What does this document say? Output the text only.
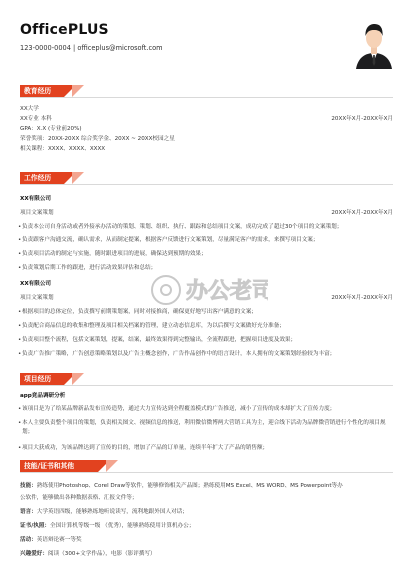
OfficePLUS
123-0000-0004 | officeplus@microsoft.com
教育经历
XX大学
XX专业 本科	20XX年X月-20XX年X月
GPA：X.X (专业前20%)
荣誉奖项：20XX-20XX 综合奖学金、20XX ~ 20XX校园之星
相关课程：XXXX、XXXX、XXXX
工作经历
XX有限公司
项目文案策划	20XX年X月-20XX年X月
• 负责本公司自身活动或者外接承办活动的策划、策划、组织、执行、跟踪和总结项目文案，成功完成了超过30个项目的文案策划；
• 负责跟客户沟通交流，确认需求，从而制定提案，根据客户反馈进行文案策划，尽量满足客户的需求，来撰写项目文案；
• 负责项目活动的制定与实施，随时跟进项目的进展，确保达到预期的效果；
• 负责策划后期工作的跟进，进行活动效果评估和总结；
XX有限公司
项目文案策划	20XX年X月-20XX年X月
• 根据项目的总体定位，负责撰写前期策划案，同时对接推商，确保更好地写出客户满意的文案；
• 负责配合商品信息的收集和整理及项目相关档案的管理，建立动态信息库，为以后撰写文案做好充分准备；
• 负责项目整个流程，包括文案策划，提案，结案，最终效果得到完整输出，全流程跟进，把握项目进度及效果；
• 负责广告推广策略，广告创意策略策划以及广告主概念创作，广告作品创作中的语言设计，本人拥有的文案策划经验较为丰富；
项目经历
app竞品调研分析
• 该项目是为了给某品牌新品发布宣传造势，通过大力宣传达到全程覆盖模式的广告推送，减小了宣传的成本却扩大了宣传力度；
• 本人主要负责整个项目的策划，负责相关图文、视频信息的推送，利用微信微博两大营销工具为主，迎合线下活动为品牌微营销进行个性化的项目规划；
• 项目大获成功，为该品牌达到了宣传的目的，增加了产品的订单量，连续半年扩大了产品的销售额；
技能/证书和其他
技能：熟练使用Photoshop、Corel Draw等软件，能够修饰相关产品图；熟练使用MS Excel、MS WORD、MS Powerpoint等办
公软件，能够做出各种数据表格、汇报文件等；
语言：大学英语四级，能够熟练地听说读写，流利地跟外国人对话；
证书/执照：全国计算机等级一级 （优秀），能够熟练使用计算机办公；
活动：英语辩论赛一等奖
兴趣爱好：阅读（300+文学作品），电影（影评撰写）
办公老司
